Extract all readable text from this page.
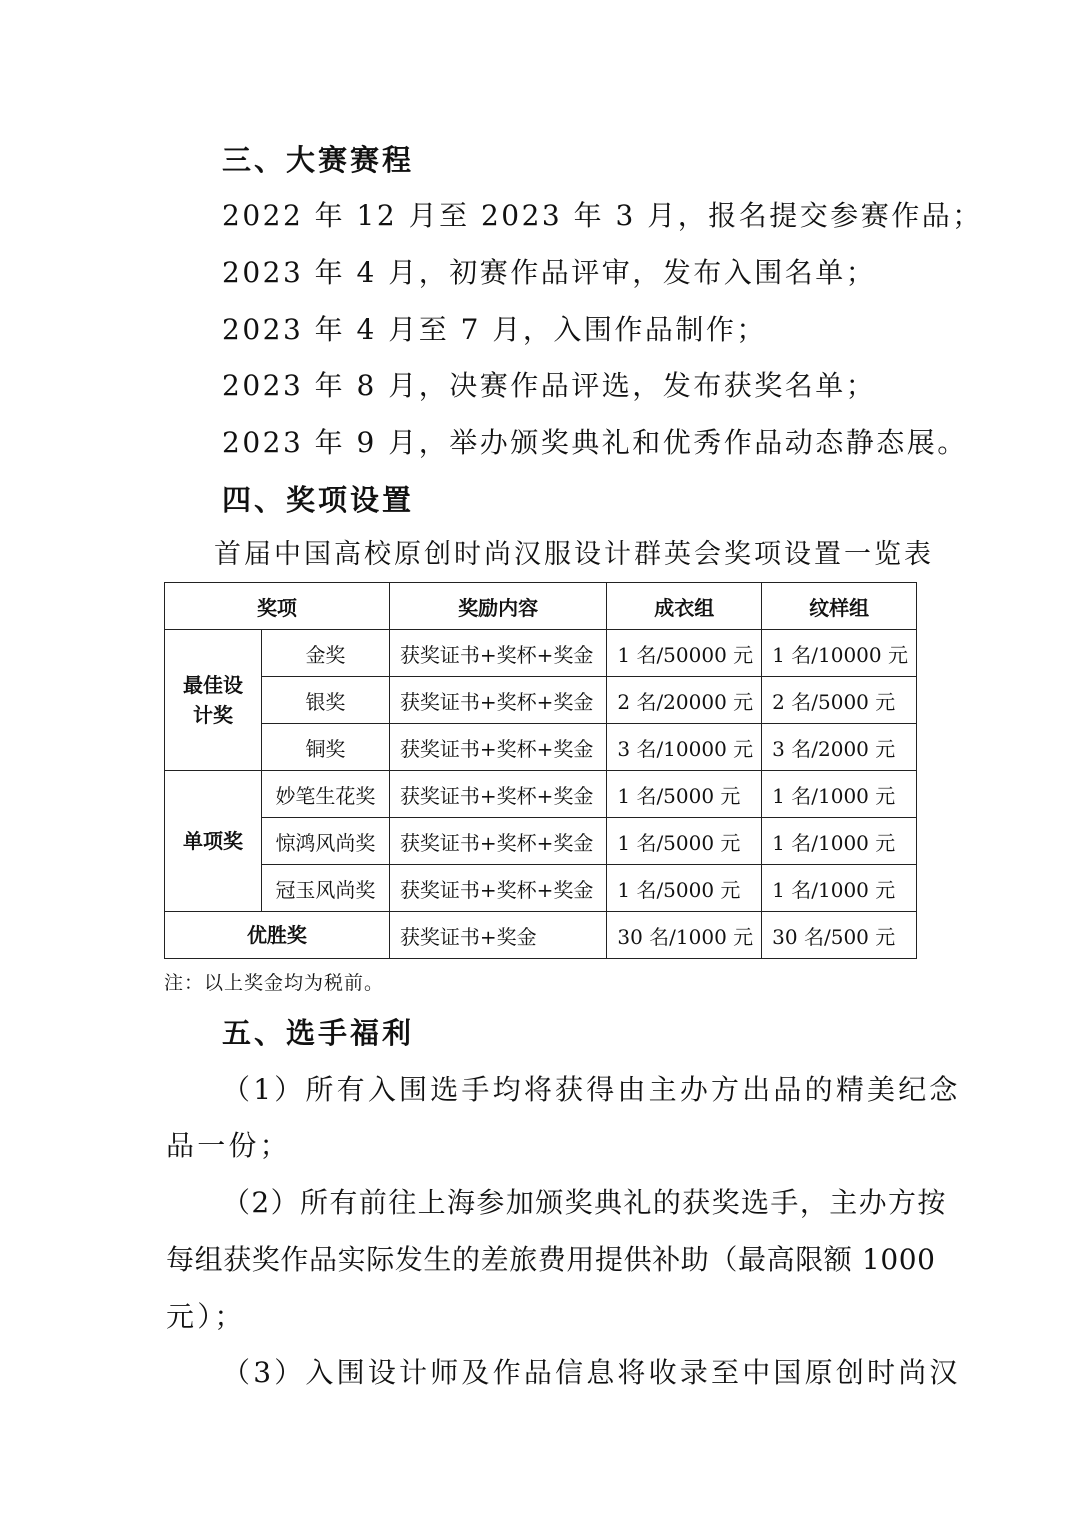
三、大赛赛程
2022 年 12 月至 2023 年 3 月，报名提交参赛作品；
2023 年 4 月，初赛作品评审，发布入围名单；
2023 年 4 月至 7 月，入围作品制作；
2023 年 8 月，决赛作品评选，发布获奖名单；
2023 年 9 月，举办颁奖典礼和优秀作品动态静态展。
四、奖项设置
首届中国高校原创时尚汉服设计群英会奖项设置一览表
奖项		奖励内容	成衣组	纹样组
最佳设计奖	金奖	获奖证书+奖杯+奖金	1 名/50000 元	1 名/10000 元
	银奖	获奖证书+奖杯+奖金	2 名/20000 元	2 名/5000 元
	铜奖	获奖证书+奖杯+奖金	3 名/10000 元	3 名/2000 元
单项奖	妙笔生花奖	获奖证书+奖杯+奖金	1 名/5000 元	1 名/1000 元
	惊鸿风尚奖	获奖证书+奖杯+奖金	1 名/5000 元	1 名/1000 元
	冠玉风尚奖	获奖证书+奖杯+奖金	1 名/5000 元	1 名/1000 元
优胜奖		获奖证书+奖金	30 名/1000 元	30 名/500 元
注：以上奖金均为税前。
五、选手福利
（1）所有入围选手均将获得由主办方出品的精美纪念
品一份；
（2）所有前往上海参加颁奖典礼的获奖选手，主办方按
每组获奖作品实际发生的差旅费用提供补助（最高限额 1000
元）；
（3）入围设计师及作品信息将收录至中国原创时尚汉
